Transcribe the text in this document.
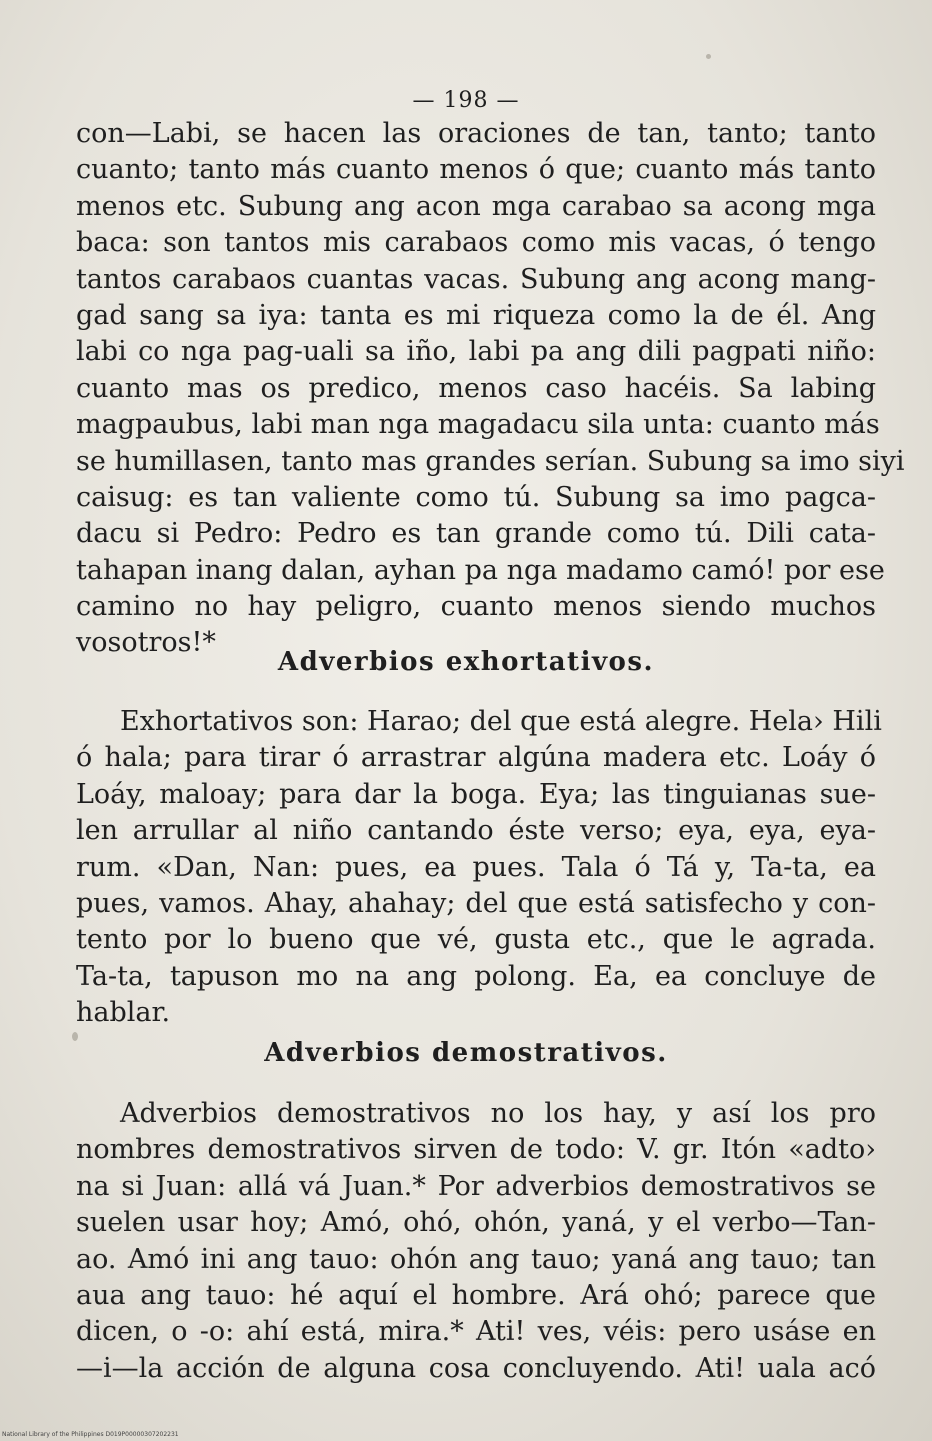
— 198 —
con—Labi, se hacen las oraciones de tan, tanto; tanto
cuanto; tanto más cuanto menos ó que; cuanto más tanto
menos etc. Subung ang acon mga carabao sa acong mga
baca: son tantos mis carabaos como mis vacas, ó tengo
tantos carabaos cuantas vacas. Subung ang acong mang-
gad sang sa iya: tanta es mi riqueza como la de él. Ang
labi co nga pag-uali sa iño, labi pa ang dili pagpati niño:
cuanto mas os predico, menos caso hacéis. Sa labing
magpaubus, labi man nga magadacu sila unta: cuanto más
se humillasen, tanto mas grandes serían. Subung sa imo siyi
caisug: es tan valiente como tú. Subung sa imo pagca-
dacu si Pedro: Pedro es tan grande como tú. Dili cata-
tahapan inang dalan, ayhan pa nga madamo camó! por ese
camino no hay peligro, cuanto menos siendo muchos
vosotros!*
Adverbios exhortativos.
Exhortativos son: Harao; del que está alegre. Hela› Hili
ó hala; para tirar ó arrastrar algúna madera etc. Loáy ó
Loáy, maloay; para dar la boga. Eya; las tinguianas sue-
len arrullar al niño cantando éste verso; eya, eya, eya-
rum. «Dan, Nan: pues, ea pues. Tala ó Tá y, Ta-ta, ea
pues, vamos. Ahay, ahahay; del que está satisfecho y con-
tento por lo bueno que vé, gusta etc., que le agrada.
Ta-ta, tapuson mo na ang polong. Ea, ea concluye de
hablar.
Adverbios demostrativos.
Adverbios demostrativos no los hay, y así los pro
nombres demostrativos sirven de todo: V. gr. Itón «adto›
na si Juan: allá vá Juan.* Por adverbios demostrativos se
suelen usar hoy; Amó, ohó, ohón, yaná, y el verbo—Tan-
ao. Amó ini ang tauo: ohón ang tauo; yaná ang tauo; tan
aua ang tauo: hé aquí el hombre. Ará ohó; parece que
dicen, o -o: ahí está, mira.* Ati! ves, véis: pero usáse en
—i—la acción de alguna cosa concluyendo. Ati! uala acó
National Library of the Philippines D019P00000307202231
